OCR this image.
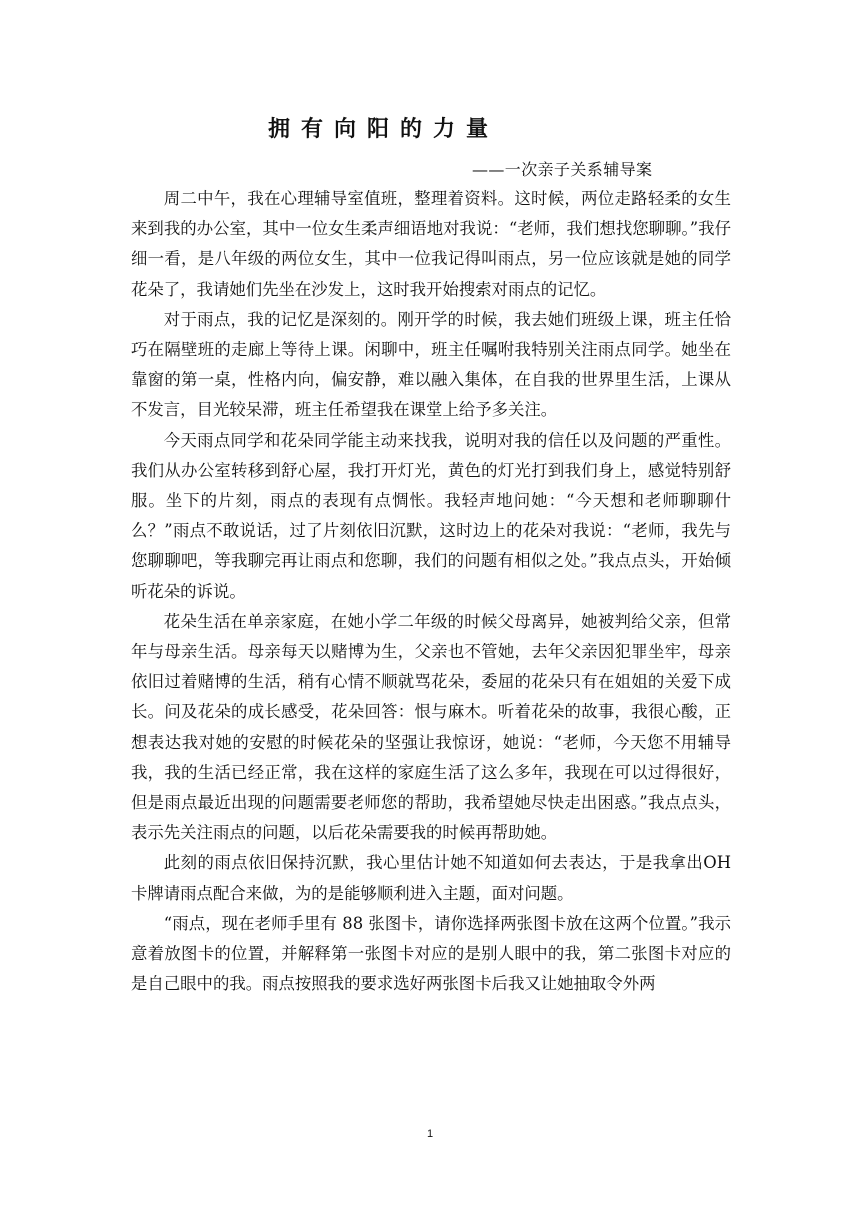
拥有向阳的力量
——一次亲子关系辅导案

周二中午，我在心理辅导室值班，整理着资料。这时候，两位走路轻柔的女生来到我的办公室，其中一位女生柔声细语地对我说：“老师，我们想找您聊聊。”我仔细一看，是八年级的两位女生，其中一位我记得叫雨点，另一位应该就是她的同学花朵了，我请她们先坐在沙发上，这时我开始搜索对雨点的记忆。

对于雨点，我的记忆是深刻的。刚开学的时候，我去她们班级上课，班主任恰巧在隔壁班的走廊上等待上课。闲聊中，班主任嘱咐我特别关注雨点同学。她坐在靠窗的第一桌，性格内向，偏安静，难以融入集体，在自我的世界里生活，上课从不发言，目光较呆滞，班主任希望我在课堂上给予多关注。

今天雨点同学和花朵同学能主动来找我，说明对我的信任以及问题的严重性。我们从办公室转移到舒心屋，我打开灯光，黄色的灯光打到我们身上，感觉特别舒服。坐下的片刻，雨点的表现有点惆怅。我轻声地问她：“今天想和老师聊聊什么？”雨点不敢说话，过了片刻依旧沉默，这时边上的花朵对我说：“老师，我先与您聊聊吧，等我聊完再让雨点和您聊，我们的问题有相似之处。”我点点头，开始倾听花朵的诉说。

花朵生活在单亲家庭，在她小学二年级的时候父母离异，她被判给父亲，但常年与母亲生活。母亲每天以赌博为生，父亲也不管她，去年父亲因犯罪坐牢，母亲依旧过着赌博的生活，稍有心情不顺就骂花朵，委屈的花朵只有在姐姐的关爱下成长。问及花朵的成长感受，花朵回答：恨与麻木。听着花朵的故事，我很心酸，正想表达我对她的安慰的时候花朵的坚强让我惊讶，她说：“老师，今天您不用辅导我，我的生活已经正常，我在这样的家庭生活了这么多年，我现在可以过得很好，但是雨点最近出现的问题需要老师您的帮助，我希望她尽快走出困惑。”我点点头，表示先关注雨点的问题，以后花朵需要我的时候再帮助她。

此刻的雨点依旧保持沉默，我心里估计她不知道如何去表达，于是我拿出OH卡牌请雨点配合来做，为的是能够顺利进入主题，面对问题。

“雨点，现在老师手里有 88 张图卡，请你选择两张图卡放在这两个位置。”我示意着放图卡的位置，并解释第一张图卡对应的是别人眼中的我，第二张图卡对应的是自己眼中的我。雨点按照我的要求选好两张图卡后我又让她抽取令外两

1
